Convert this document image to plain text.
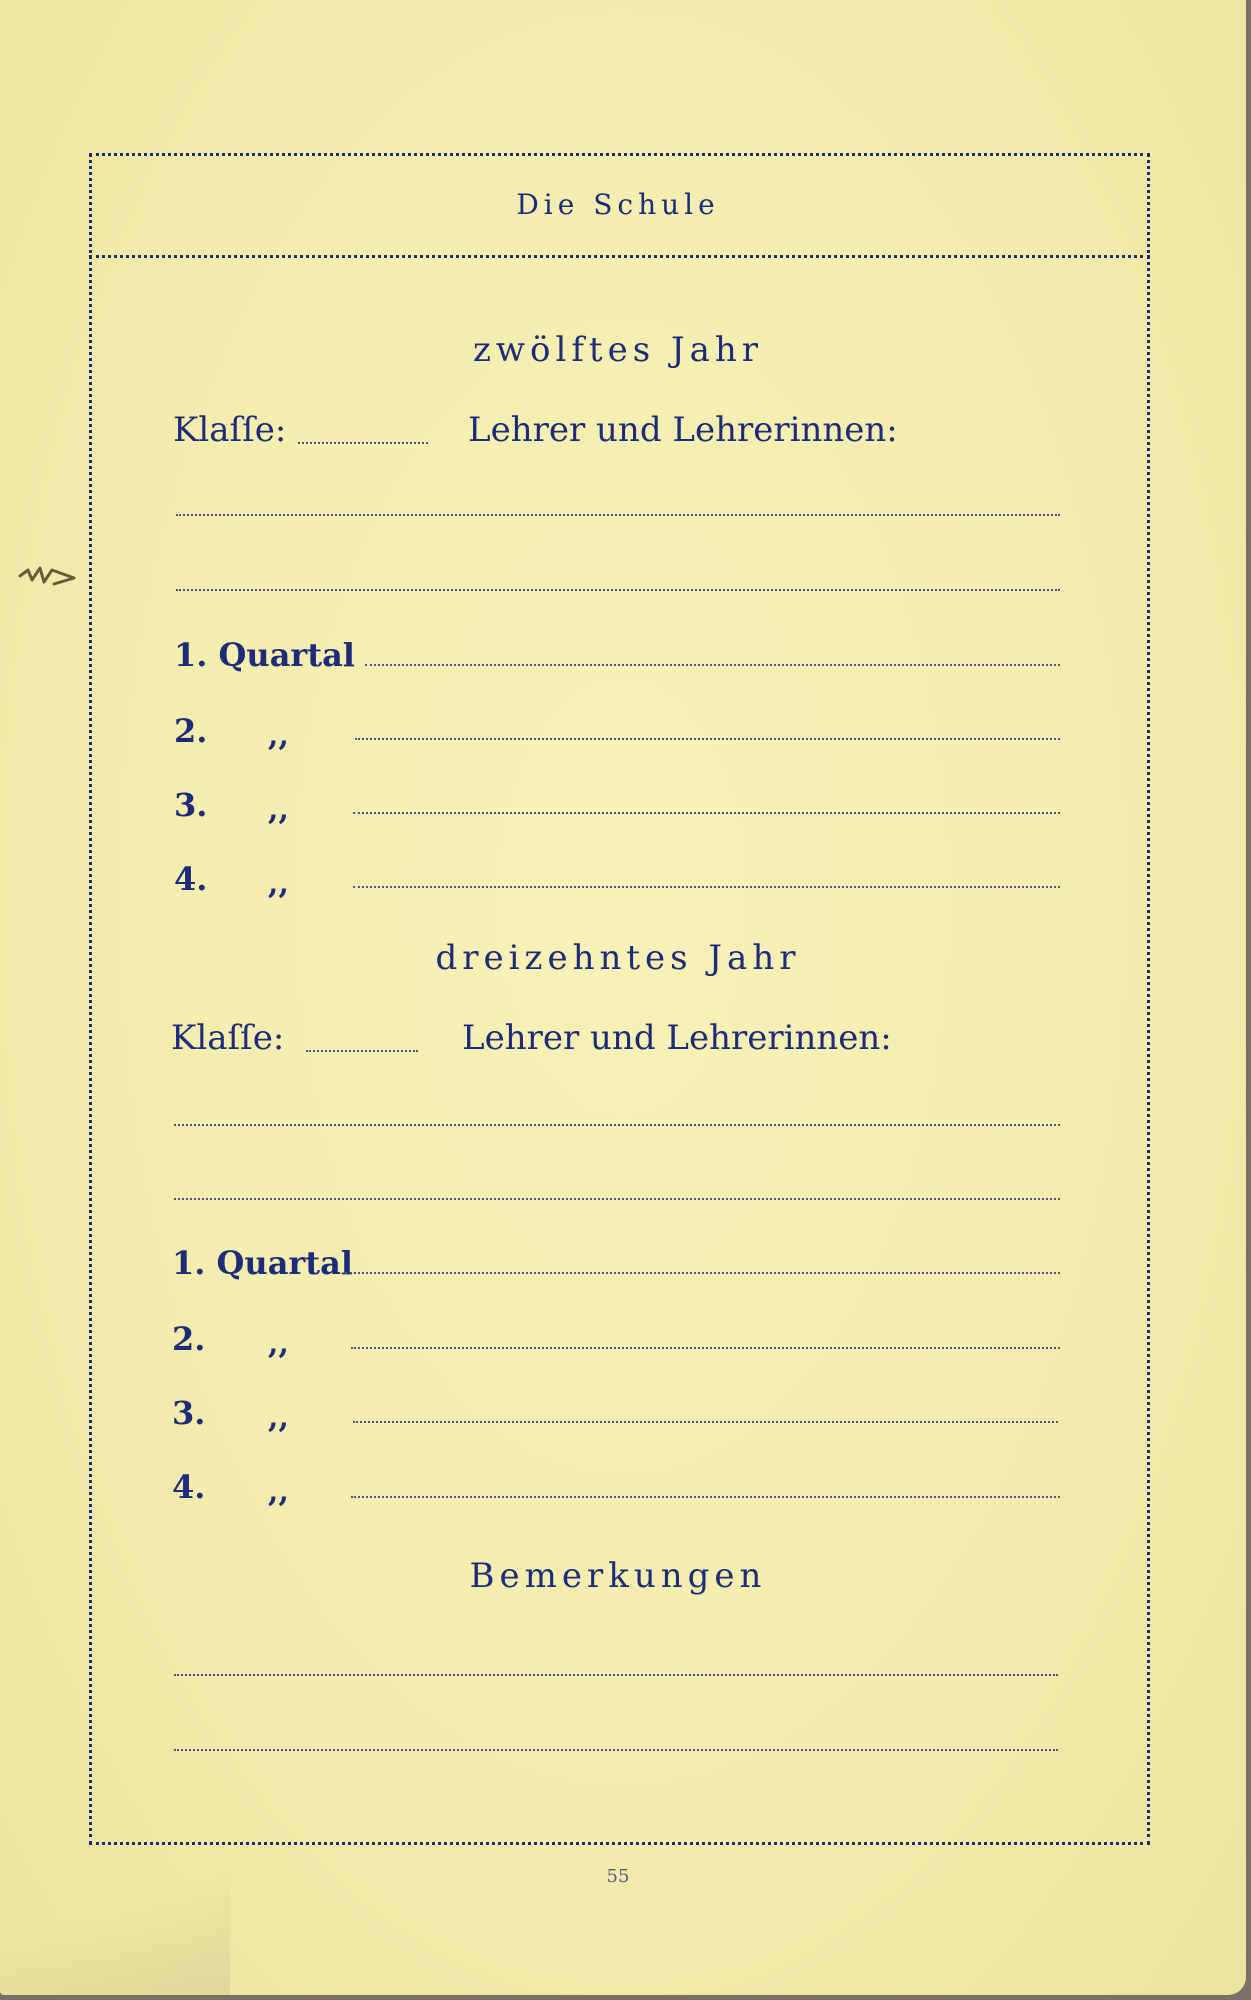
Die Schule
zwölftes Jahr
Klaſſe:	Lehrer und Lehrerinnen:
1. Quartal
2. ,,
3. ,,
4. ,,
dreizehntes Jahr
Klaſſe:	Lehrer und Lehrerinnen:
1. Quartal
2. ,,
3. ,,
4. ,,
Bemerkungen
55
